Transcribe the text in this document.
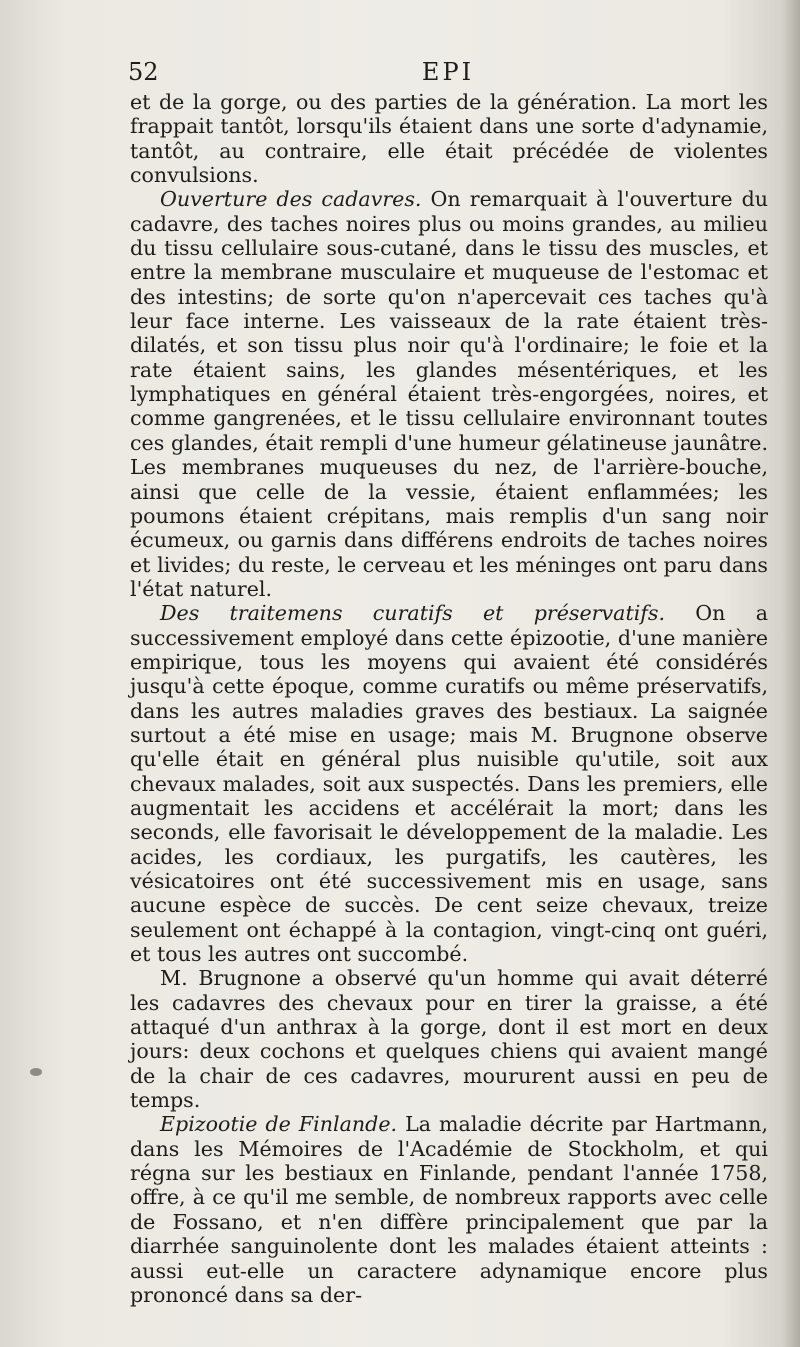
52	EPI

et de la gorge, ou des parties de la génération. La mort les frappait tantôt, lorsqu'ils étaient dans une sorte d'adynamie, tantôt, au contraire, elle était précédée de violentes convulsions.

Ouverture des cadavres. On remarquait à l'ouverture du cadavre, des taches noires plus ou moins grandes, au milieu du tissu cellulaire sous-cutané, dans le tissu des muscles, et entre la membrane musculaire et muqueuse de l'estomac et des intestins; de sorte qu'on n'apercevait ces taches qu'à leur face interne. Les vaisseaux de la rate étaient très-dilatés, et son tissu plus noir qu'à l'ordinaire; le foie et la rate étaient sains, les glandes mésentériques, et les lymphatiques en général étaient très-engorgées, noires, et comme gangrenées, et le tissu cellulaire environnant toutes ces glandes, était rempli d'une humeur gélatineuse jaunâtre. Les membranes muqueuses du nez, de l'arrière-bouche, ainsi que celle de la vessie, étaient enflammées; les poumons étaient crépitans, mais remplis d'un sang noir écumeux, ou garnis dans différens endroits de taches noires et livides; du reste, le cerveau et les méninges ont paru dans l'état naturel.

Des traitemens curatifs et préservatifs. On a successivement employé dans cette épizootie, d'une manière empirique, tous les moyens qui avaient été considérés jusqu'à cette époque, comme curatifs ou même préservatifs, dans les autres maladies graves des bestiaux. La saignée surtout a été mise en usage; mais M. Brugnone observe qu'elle était en général plus nuisible qu'utile, soit aux chevaux malades, soit aux suspectés. Dans les premiers, elle augmentait les accidens et accélérait la mort; dans les seconds, elle favorisait le développement de la maladie. Les acides, les cordiaux, les purgatifs, les cautères, les vésicatoires ont été successivement mis en usage, sans aucune espèce de succès. De cent seize chevaux, treize seulement ont échappé à la contagion, vingt-cinq ont guéri, et tous les autres ont succombé.

M. Brugnone a observé qu'un homme qui avait déterré les cadavres des chevaux pour en tirer la graisse, a été attaqué d'un anthrax à la gorge, dont il est mort en deux jours: deux cochons et quelques chiens qui avaient mangé de la chair de ces cadavres, moururent aussi en peu de temps.

Epizootie de Finlande. La maladie décrite par Hartmann, dans les Mémoires de l'Académie de Stockholm, et qui régna sur les bestiaux en Finlande, pendant l'année 1758, offre, à ce qu'il me semble, de nombreux rapports avec celle de Fossano, et n'en diffère principalement que par la diarrhée sanguinolente dont les malades étaient atteints : aussi eut-elle un caractere adynamique encore plus prononcé dans sa der-
